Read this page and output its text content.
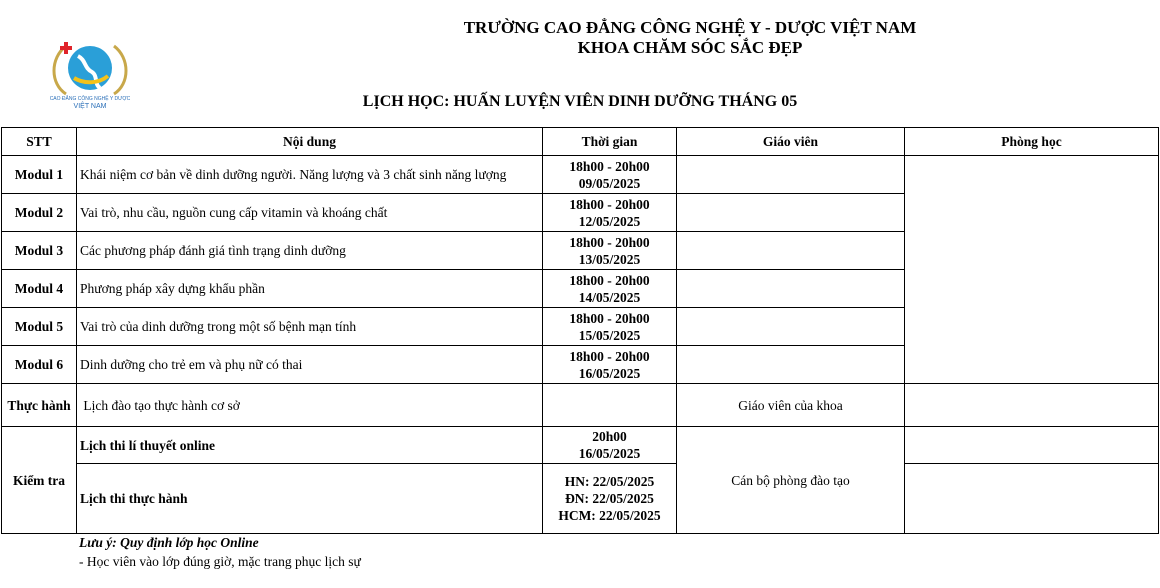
CAO ĐẲNG CÔNG NGHỆ Y DƯỢC
VIỆT NAM
TRƯỜNG CAO ĐẲNG CÔNG NGHỆ Y - DƯỢC VIỆT NAM
KHOA CHĂM SÓC SẮC ĐẸP
LỊCH HỌC: HUẤN LUYỆN VIÊN DINH DƯỠNG THÁNG 05
STT	Nội dung	Thời gian	Giáo viên	Phòng học
Modul 1	Khái niệm cơ bản về dinh dưỡng người. Năng lượng và 3 chất sinh năng lượng	18h00 - 20h00
09/05/2025		

Modul 2	Vai trò, nhu cầu, nguồn cung cấp vitamin và khoáng chất	18h00 - 20h00
12/05/2025		

Modul 3	Các phương pháp đánh giá tình trạng dinh dưỡng	18h00 - 20h00
13/05/2025		

Modul 4	Phương pháp xây dựng khẩu phần	18h00 - 20h00
14/05/2025		

Modul 5	Vai trò của dinh dưỡng trong một số bệnh mạn tính	18h00 - 20h00
15/05/2025		

Modul 6	Dinh dưỡng cho trẻ em và phụ nữ có thai	18h00 - 20h00
16/05/2025		

Thực hành	Lịch đào tạo thực hành cơ sở		Giáo viên của khoa	
Kiểm tra	Lịch thi lí thuyết online	20h00
16/05/2025	Cán bộ phòng đào tạo	
	Lịch thi thực hành	HN: 22/05/2025
ĐN: 22/05/2025
HCM: 22/05/2025		

Lưu ý: Quy định lớp học Online
- Học viên vào lớp đúng giờ, mặc trang phục lịch sự
